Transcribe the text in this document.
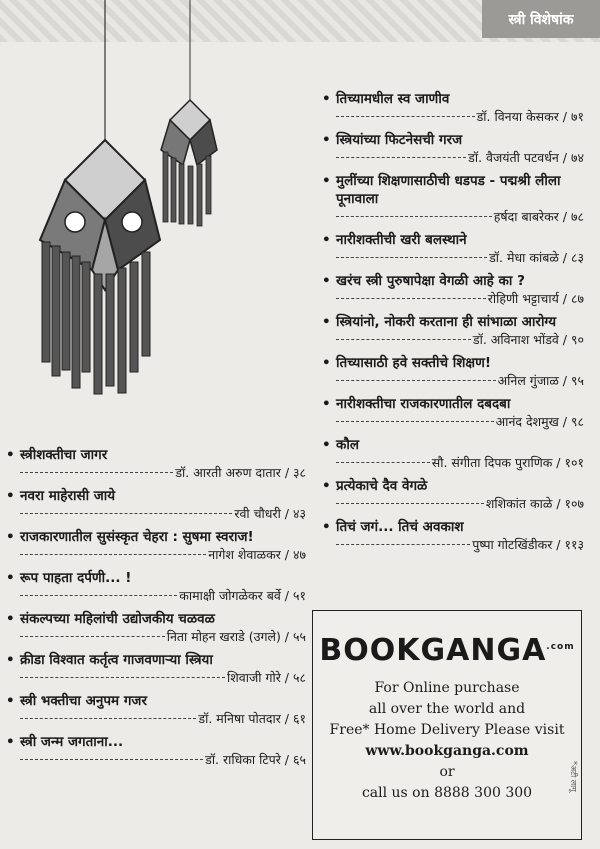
स्त्री विशेषांक
• तिच्यामधील स्व जाणीव
डॉ. विनया केसकर / ७१
• स्त्रियांच्या फिटनेसची गरज
डॉ. वैजयंती पटवर्धन / ७४
• मुलींच्या शिक्षणासाठीची धडपड - पद्मश्री लीला पूनावाला
हर्षदा बाबरेकर / ७८
• नारीशक्तीची खरी बलस्थाने
डॉ. मेधा कांबळे / ८३
• खरंच स्त्री पुरुषापेक्षा वेगळी आहे का ?
रोहिणी भट्टाचार्य / ८७
• स्त्रियांनो, नोकरी करताना ही सांभाळा आरोग्य
डॉ. अविनाश भोंडवे / ९०
• तिच्यासाठी हवे सक्तीचे शिक्षण!
अनिल गुंजाळ / ९५
• नारीशक्तीचा राजकारणातील दबदबा
आनंद देशमुख / ९८
• कौल
सौ. संगीता दिपक पुराणिक / १०१
• प्रत्येकाचे दैव वेगळे
शशिकांत काळे / १०७
• तिचं जगं... तिचं अवकाश
पुष्पा गोटखिंडीकर / ११३
• स्त्रीशक्तीचा जागर
डॉ. आरती अरुण दातार / ३८
• नवरा माहेरासी जाये
रवी चौधरी / ४३
• राजकारणातील सुसंस्कृत चेहरा : सुषमा स्वराज!
नागेश शेवाळकर / ४७
• रूप पाहता दर्पणी... !
कामाक्षी जोगळेकर बर्वे / ५१
• संकल्पच्या महिलांची उद्योजकीय चळवळ
निता मोहन खराडे (उगले) / ५५
• क्रीडा विश्वात कर्तृत्व गाजवणाऱ्या स्त्रिया
शिवाजी गोरे / ५८
• स्त्री भक्तीचा अनुपम गजर
डॉ. मनिषा पोतदार / ६१
• स्त्री जन्म जगताना...
डॉ. राधिका टिपरे / ६५
$BOOKGANGA^{.com}$
For Online purchase
all over the world and
Free* Home Delivery Please visit
www.bookganga.com
or
call us on 8888 300 300
*अटी लागू
